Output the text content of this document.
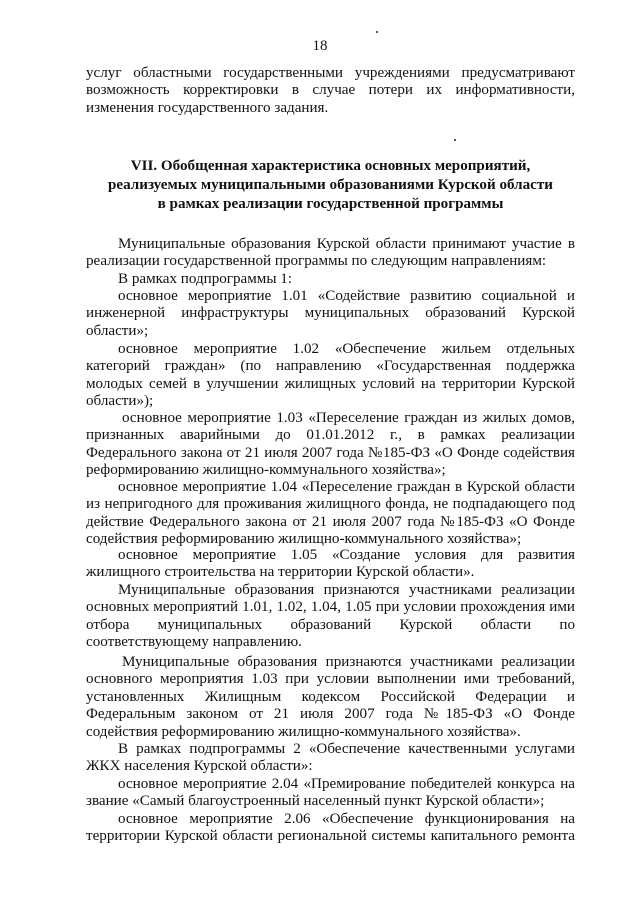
18

услуг областными государственными учреждениями предусматривают

возможность корректировки в случае потери их информативности,

изменения государственного задания.

VII. Обобщенная характеристика основных мероприятий,
реализуемых муниципальными образованиями Курской области
в рамках реализации государственной программы

Муниципальные образования Курской области принимают участие в

реализации государственной программы по следующим направлениям:

В рамках подпрограммы 1:

основное мероприятие 1.01 «Содействие развитию социальной и

инженерной инфраструктуры муниципальных образований Курской

области»;

основное мероприятие 1.02 «Обеспечение жильем отдельных

категорий граждан» (по направлению «Государственная поддержка

молодых семей в улучшении жилищных условий на территории Курской

области»);

основное мероприятие 1.03 «Переселение граждан из жилых домов,

признанных аварийными до 01.01.2012 г., в рамках реализации

Федерального закона от 21 июля 2007 года №185-ФЗ «О Фонде содействия

реформированию жилищно-коммунального хозяйства»;

основное мероприятие 1.04 «Переселение граждан в Курской области

из непригодного для проживания жилищного фонда, не подпадающего под

действие Федерального закона от 21 июля 2007 года №185-ФЗ «О Фонде

содействия реформированию жилищно-коммунального хозяйства»;

основное мероприятие 1.05 «Создание условия для развития

жилищного строительства на территории Курской области».

Муниципальные образования признаются участниками реализации

основных мероприятий 1.01, 1.02, 1.04, 1.05 при условии прохождения ими

отбора муниципальных образований Курской области по

соответствующему направлению.

Муниципальные образования признаются участниками реализации

основного мероприятия 1.03 при условии выполнении ими требований,

установленных Жилищным кодексом Российской Федерации и

Федеральным законом от 21 июля 2007 года №185-ФЗ «О Фонде

содействия реформированию жилищно-коммунального хозяйства».

В рамках подпрограммы 2 «Обеспечение качественными услугами

ЖКХ населения Курской области»:

основное мероприятие 2.04 «Премирование победителей конкурса на

звание «Самый благоустроенный населенный пункт Курской области»;

основное мероприятие 2.06 «Обеспечение функционирования на

территории Курской области региональной системы капитального ремонта
